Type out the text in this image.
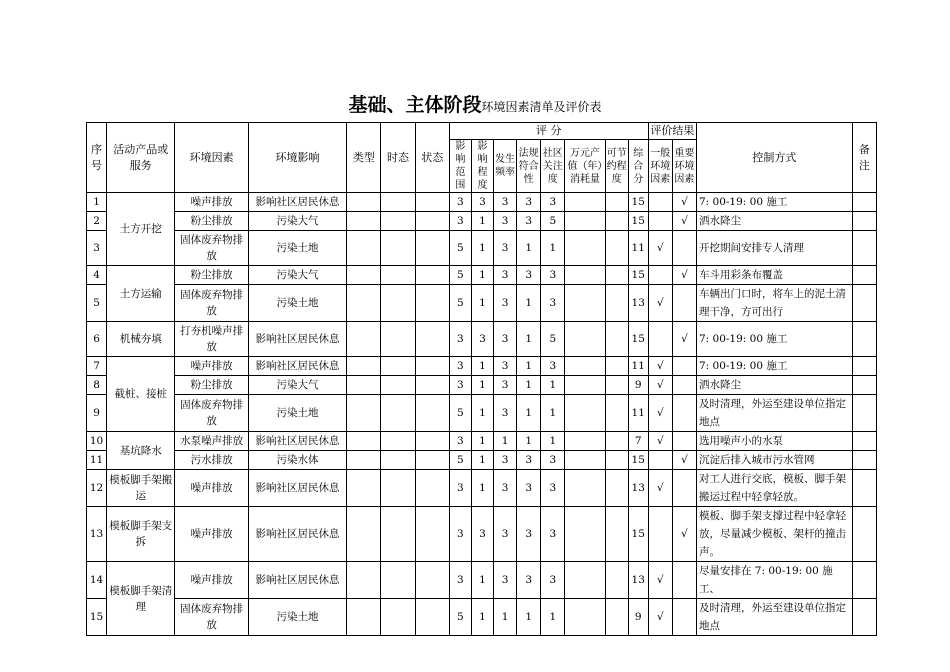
基础、主体阶段环境因素清单及评价表
序号	活动产品或服务	环境因素	环境影响	类型	时态	状态	评 分								评价结果		控制方式	备注
							影响范围	影响程度	发生频率	法规符合性	社区关注度	万元产值（年）消耗量	可节约程度	综合分	一般环境因素	重要环境因素		
1	土方开挖	噪声排放	影响社区居民休息				3	3	3	3	3			15		√	7: 00-19: 00 施工	
2		粉尘排放	污染大气				3	1	3	3	5			15		√	洒水降尘	
3		固体废弃物排放	污染土地				5	1	3	1	1			11	√		开挖期间安排专人清理	
4	土方运输	粉尘排放	污染大气				5	1	3	3	3			15		√	车斗用彩条布覆盖	
5		固体废弃物排放	污染土地				5	1	3	1	3			13	√		车辆出门口时，将车上的泥土清理干净，方可出行	
6	机械夯填	打夯机噪声排放	影响社区居民休息				3	3	3	1	5			15		√	7: 00-19: 00 施工	
7	截桩、接桩	噪声排放	影响社区居民休息				3	1	3	1	3			11	√		7: 00-19: 00 施工	
8		粉尘排放	污染大气				3	1	3	1	1			9	√		洒水降尘	
9		固体废弃物排放	污染土地				5	1	3	1	1			11	√		及时清理，外运至建设单位指定地点	
10	基坑降水	水泵噪声排放	影响社区居民休息				3	1	1	1	1			7	√		选用噪声小的水泵	
11		污水排放	污染水体				5	1	3	3	3			15		√	沉淀后排入城市污水管网	
12	模板脚手架搬运	噪声排放	影响社区居民休息				3	1	3	3	3			13	√		对工人进行交底，模板、脚手架搬运过程中轻拿轻放。	
13	模板脚手架支拆	噪声排放	影响社区居民休息				3	3	3	3	3			15		√	模板、脚手架支撑过程中轻拿轻放，尽量减少模板、架杆的撞击声。	
14	模板脚手架清理	噪声排放	影响社区居民休息				3	1	3	3	3			13	√		尽量安排在 7: 00-19: 00 施工、	
15		固体废弃物排放	污染土地				5	1	1	1	1			9	√		及时清理，外运至建设单位指定地点	
